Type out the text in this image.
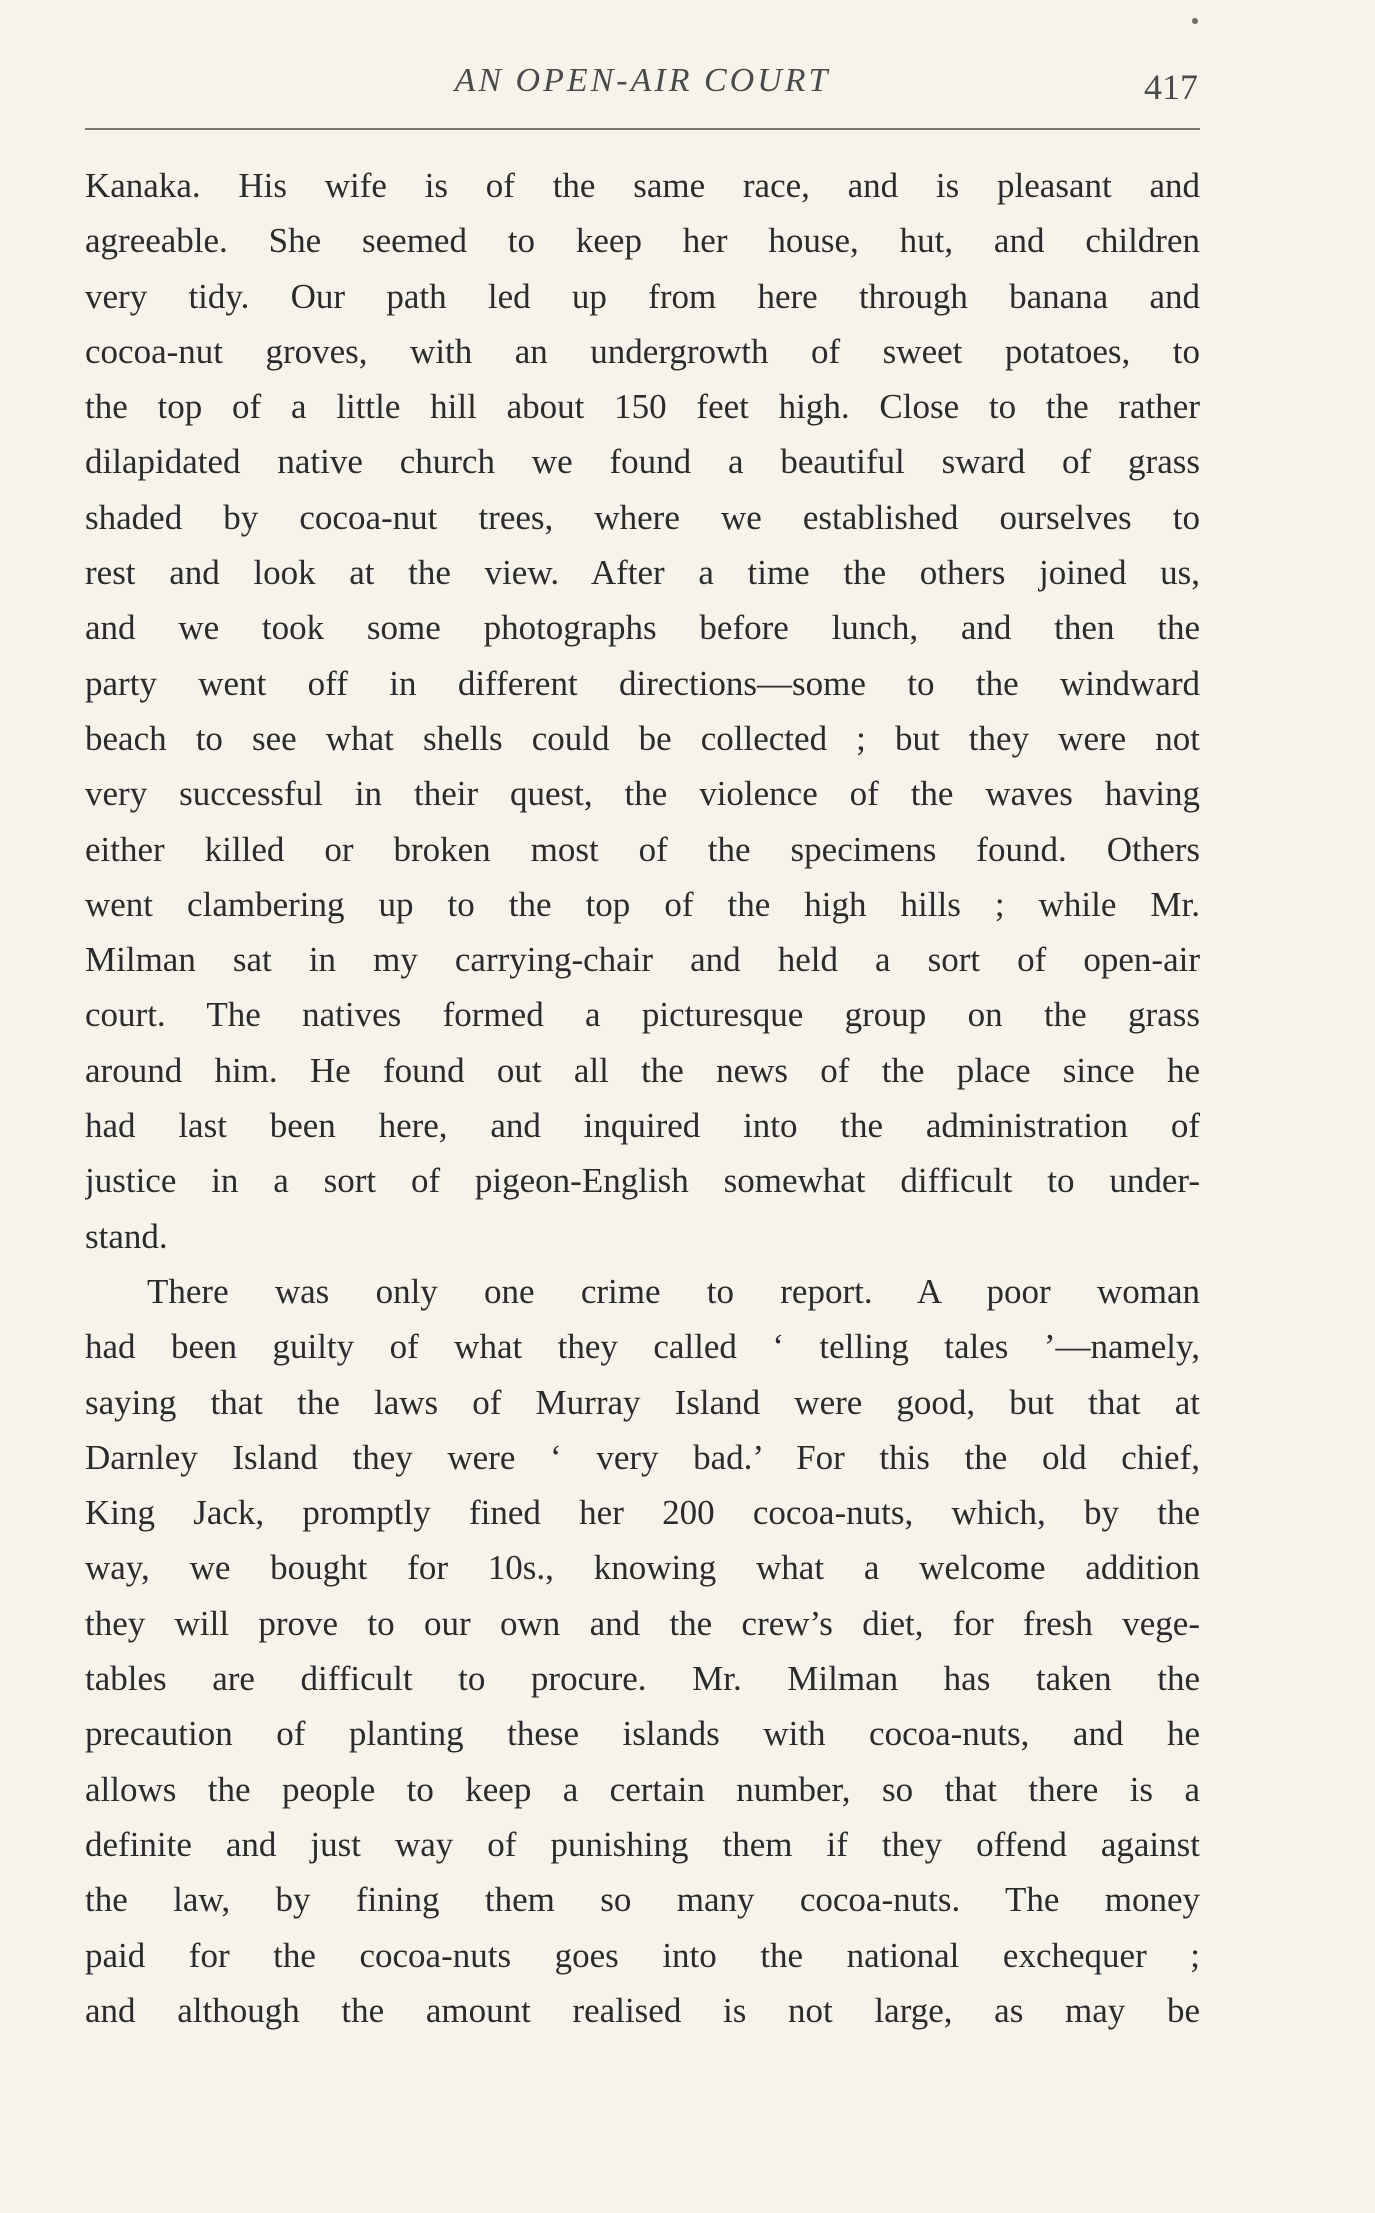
AN OPEN-AIR COURT	417
Kanaka. His wife is of the same race, and is pleasant and
agreeable. She seemed to keep her house, hut, and children
very tidy. Our path led up from here through banana and
cocoa-nut groves, with an undergrowth of sweet potatoes, to
the top of a little hill about 150 feet high. Close to the rather
dilapidated native church we found a beautiful sward of grass
shaded by cocoa-nut trees, where we established ourselves to
rest and look at the view. After a time the others joined us,
and we took some photographs before lunch, and then the
party went off in different directions—some to the windward
beach to see what shells could be collected ; but they were not
very successful in their quest, the violence of the waves having
either killed or broken most of the specimens found. Others
went clambering up to the top of the high hills ; while Mr.
Milman sat in my carrying-chair and held a sort of open-air
court. The natives formed a picturesque group on the grass
around him. He found out all the news of the place since he
had last been here, and inquired into the administration of
justice in a sort of pigeon-English somewhat difficult to under-
stand.
There was only one crime to report. A poor woman
had been guilty of what they called ‘ telling tales ’—namely,
saying that the laws of Murray Island were good, but that at
Darnley Island they were ‘ very bad.’ For this the old chief,
King Jack, promptly fined her 200 cocoa-nuts, which, by the
way, we bought for 10s., knowing what a welcome addition
they will prove to our own and the crew’s diet, for fresh vege-
tables are difficult to procure. Mr. Milman has taken the
precaution of planting these islands with cocoa-nuts, and he
allows the people to keep a certain number, so that there is a
definite and just way of punishing them if they offend against
the law, by fining them so many cocoa-nuts. The money
paid for the cocoa-nuts goes into the national exchequer ;
and although the amount realised is not large, as may be
